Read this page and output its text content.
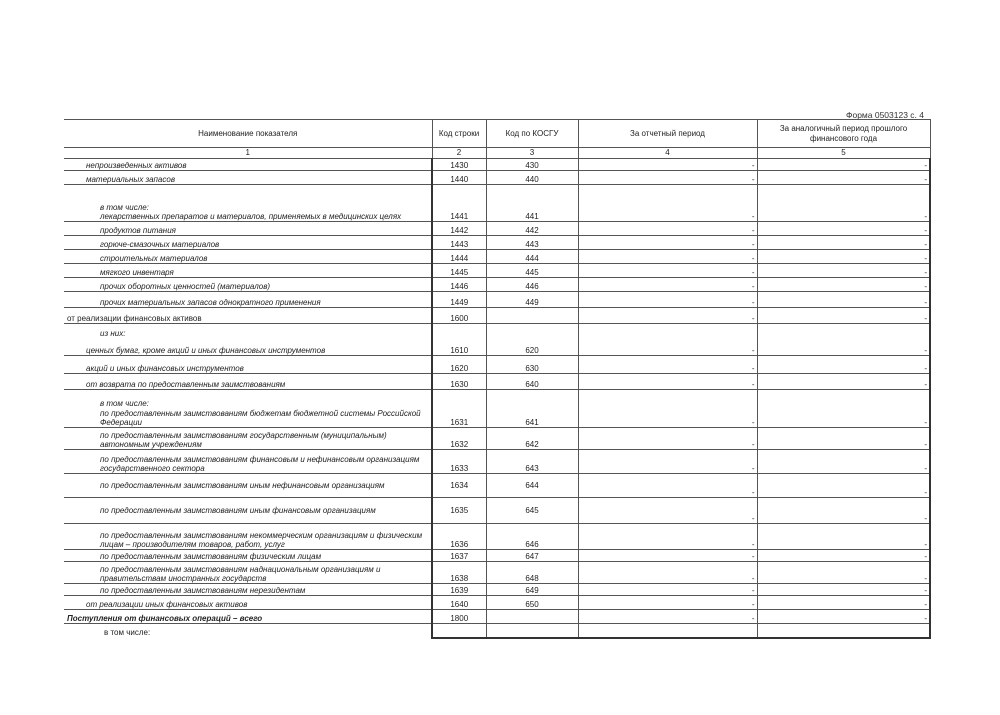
Форма 0503123 с. 4
Наименование показателя	Код строки	Код по КОСГУ	За отчетный период	За аналогичный период прошлого финансового года
1	2	3	4	5
непроизведенных активов	1430	430	-	-

материальных запасов	1440	440	-	-

в том числе:
лекарственных препаратов и материалов, применяемых в медицинских целях	1441	441	-	-

продуктов питания	1442	442	-	-

горюче-смазочных материалов	1443	443	-	-

строительных материалов	1444	444	-	-

мягкого инвентаря	1445	445	-	-

прочих оборотных ценностей (материалов)	1446	446	-	-

прочих материальных запасов однократного применения	1449	449	-	-

от реализации финансовых активов	1600		-	-

из них:
ценных бумаг, кроме акций и иных финансовых инструментов	1610	620	-	-

акций и иных финансовых инструментов	1620	630	-	-

от возврата по предоставленным заимствованиям	1630	640	-	-

в том числе:
по предоставленным заимствованиям бюджетам бюджетной системы Российской Федерации	1631	641	-	-

по предоставленным заимствованиям государственным (муниципальным) автономным учреждениям	1632	642	-	-

по предоставленным заимствованиям финансовым и нефинансовым организациям государственного сектора	1633	643	-	-

по предоставленным заимствованиям иным нефинансовым организациям	1634	644	-	-

по предоставленным заимствованиям иным финансовым организациям	1635	645	-	-

по предоставленным заимствованиям некоммерческим организациям и физическим лицам – производителям товаров, работ, услуг	1636	646	-	-

по предоставленным заимствованиям физическим лицам	1637	647	-	-

по предоставленным заимствованиям наднациональным организациям и правительствам иностранных государств	1638	648	-	-

по предоставленным заимствованиям нерезидентам	1639	649	-	-

от реализации иных финансовых активов	1640	650	-	-

Поступления от финансовых операций – всего	1800		-	-

в том числе:				
